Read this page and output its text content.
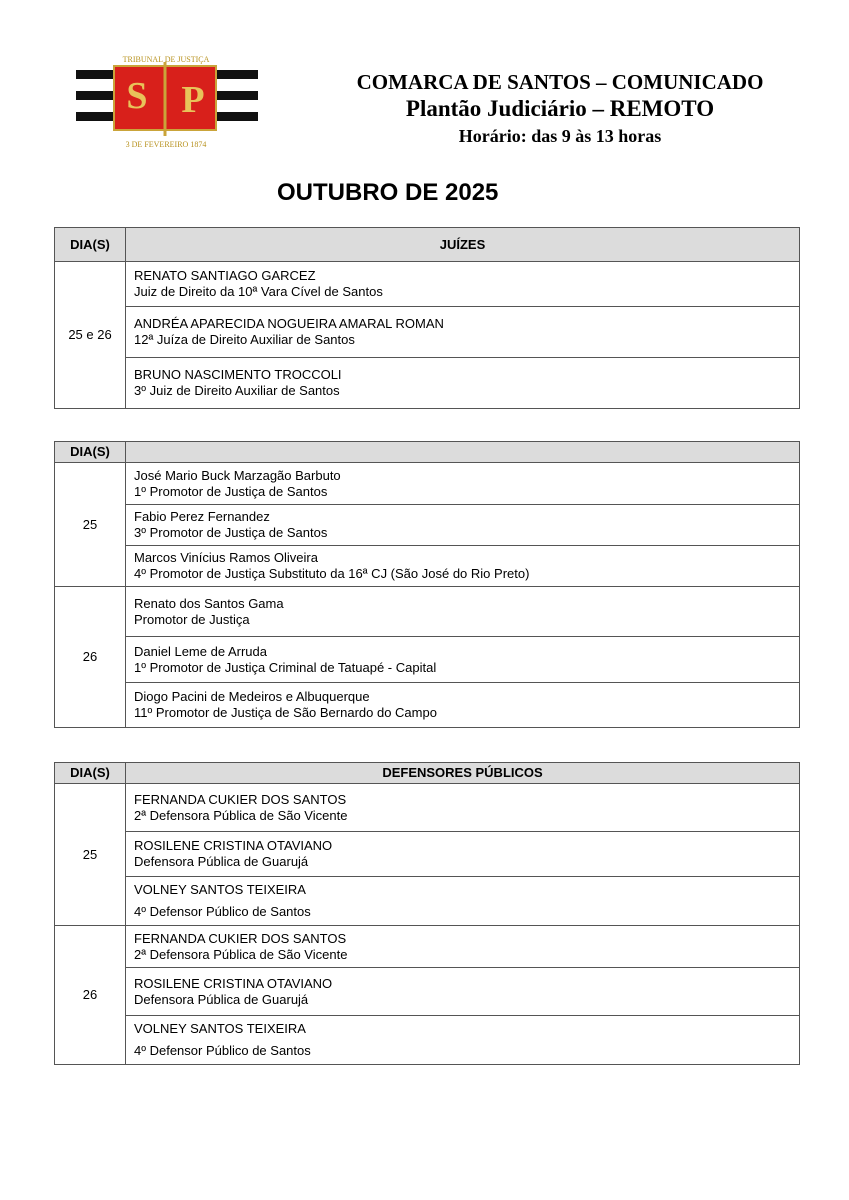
S P
TRIBUNAL DE JUSTIÇA
3 DE FEVEREIRO 1874
COMARCA DE SANTOS – COMUNICADO
Plantão Judiciário – REMOTO
Horário: das 9 às 13 horas
OUTUBRO DE 2025
DIA(S)	JUÍZES
25 e 26	RENATO SANTIAGO GARCEZ
Juiz de Direito da 10ª Vara Cível de Santos

	ANDRÉA APARECIDA NOGUEIRA AMARAL ROMAN
12ª Juíza de Direito Auxiliar de Santos

	BRUNO NASCIMENTO TROCCOLI
3º Juiz de Direito Auxiliar de Santos
DIA(S)	
25	José Mario Buck Marzagão Barbuto
1º Promotor de Justiça de Santos

	Fabio Perez Fernandez
3º Promotor de Justiça de Santos

	Marcos Vinícius Ramos Oliveira
4º Promotor de Justiça Substituto da 16ª CJ (São José do Rio Preto)

26	Renato dos Santos Gama
Promotor de Justiça

	Daniel Leme de Arruda
1º Promotor de Justiça Criminal de Tatuapé - Capital

	Diogo Pacini de Medeiros e Albuquerque
11º Promotor de Justiça de São Bernardo do Campo
DIA(S)	DEFENSORES PÚBLICOS
25	FERNANDA CUKIER DOS SANTOS
2ª Defensora Pública de São Vicente

	ROSILENE CRISTINA OTAVIANO
Defensora Pública de Guarujá

	VOLNEY SANTOS TEIXEIRA
4º Defensor Público de Santos

26	FERNANDA CUKIER DOS SANTOS
2ª Defensora Pública de São Vicente

	ROSILENE CRISTINA OTAVIANO
Defensora Pública de Guarujá

	VOLNEY SANTOS TEIXEIRA
4º Defensor Público de Santos
